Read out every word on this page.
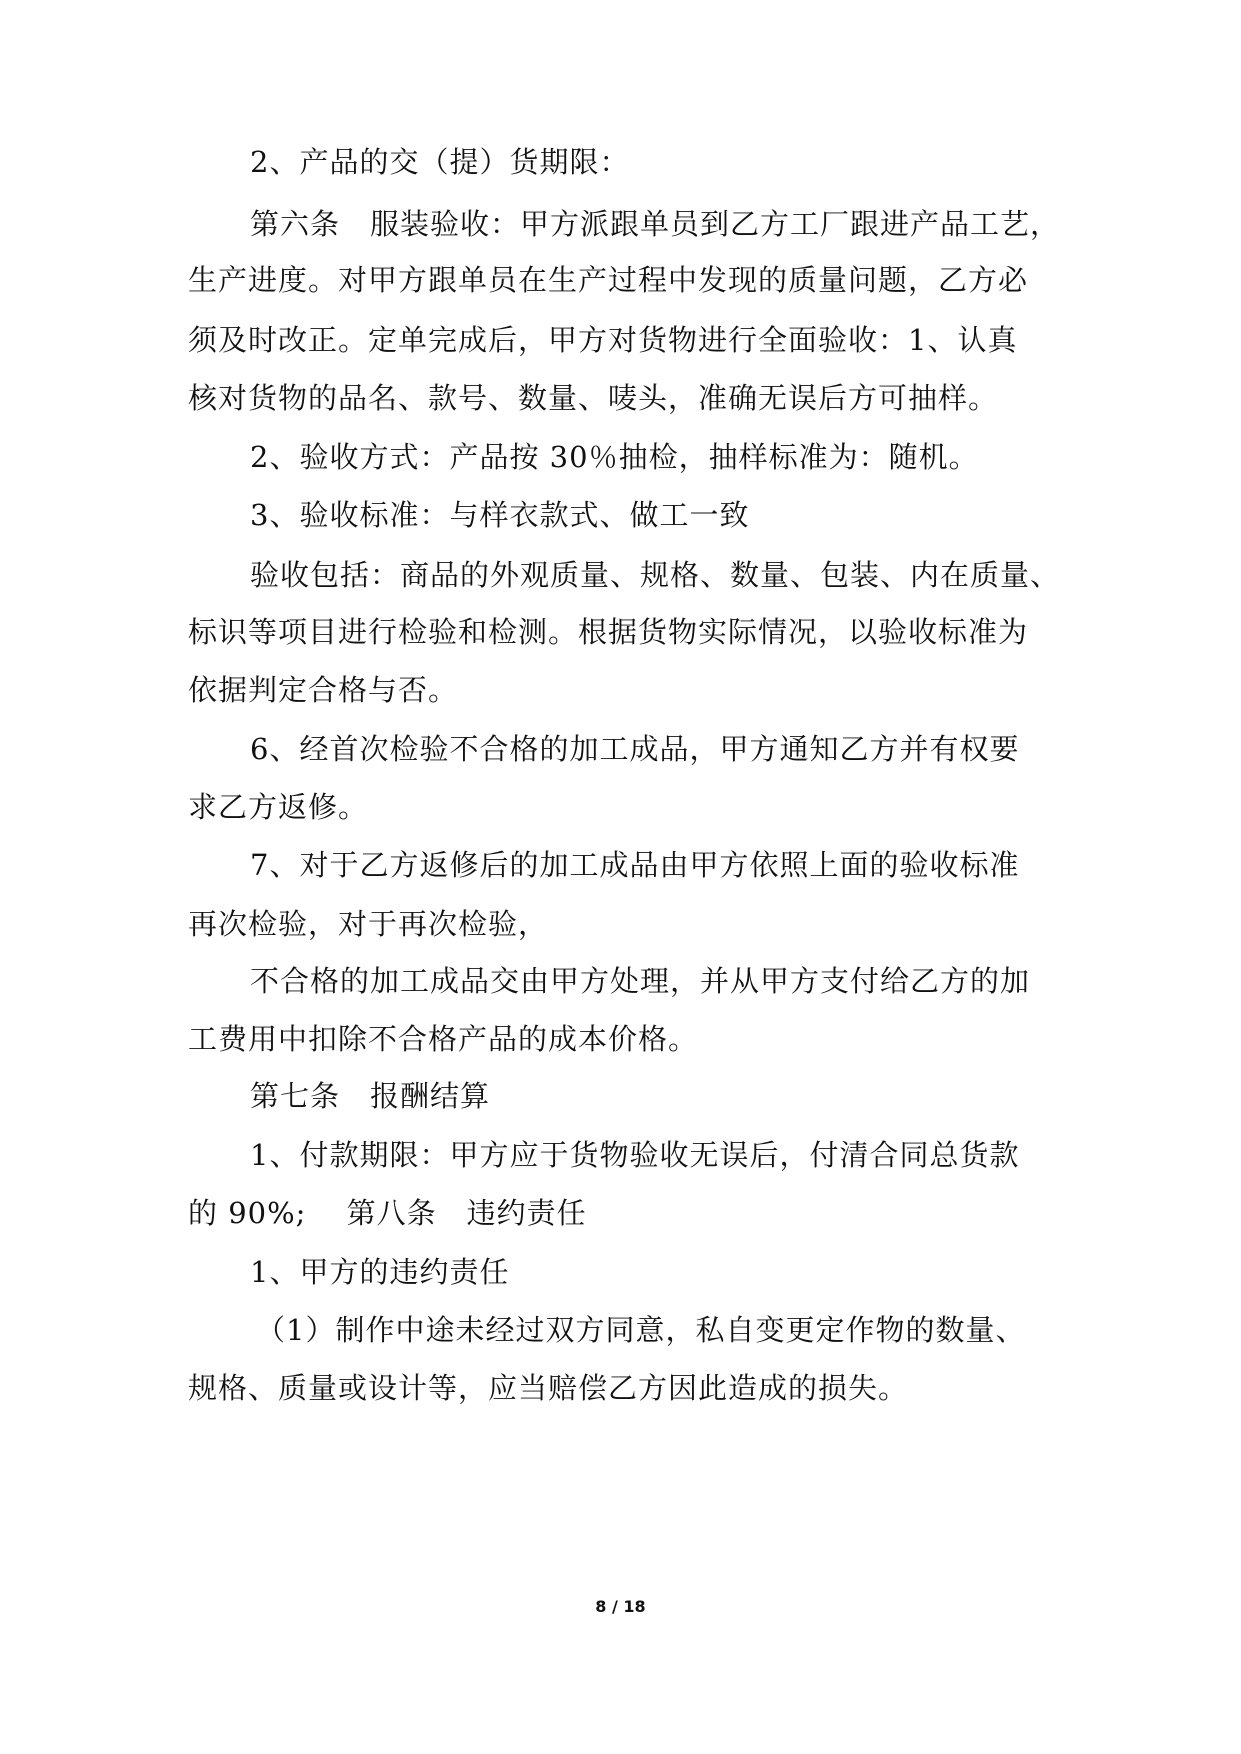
2、产品的交（提）货期限：
第六条　服装验收：甲方派跟单员到乙方工厂跟进产品工艺，
生产进度。对甲方跟单员在生产过程中发现的质量问题，乙方必
须及时改正。定单完成后，甲方对货物进行全面验收：1、认真
核对货物的品名、款号、数量、唛头，准确无误后方可抽样。
2、验收方式：产品按 30％抽检，抽样标准为：随机。
3、验收标准：与样衣款式、做工一致
验收包括：商品的外观质量、规格、数量、包装、内在质量、
标识等项目进行检验和检测。根据货物实际情况，以验收标准为
依据判定合格与否。
6、经首次检验不合格的加工成品，甲方通知乙方并有权要
求乙方返修。
7、对于乙方返修后的加工成品由甲方依照上面的验收标准
再次检验，对于再次检验，
不合格的加工成品交由甲方处理，并从甲方支付给乙方的加
工费用中扣除不合格产品的成本价格。
第七条　报酬结算
1、付款期限：甲方应于货物验收无误后，付清合同总货款
的 90%;　 第八条　违约责任
1、甲方的违约责任
（1）制作中途未经过双方同意，私自变更定作物的数量、
规格、质量或设计等，应当赔偿乙方因此造成的损失。
8 / 18
